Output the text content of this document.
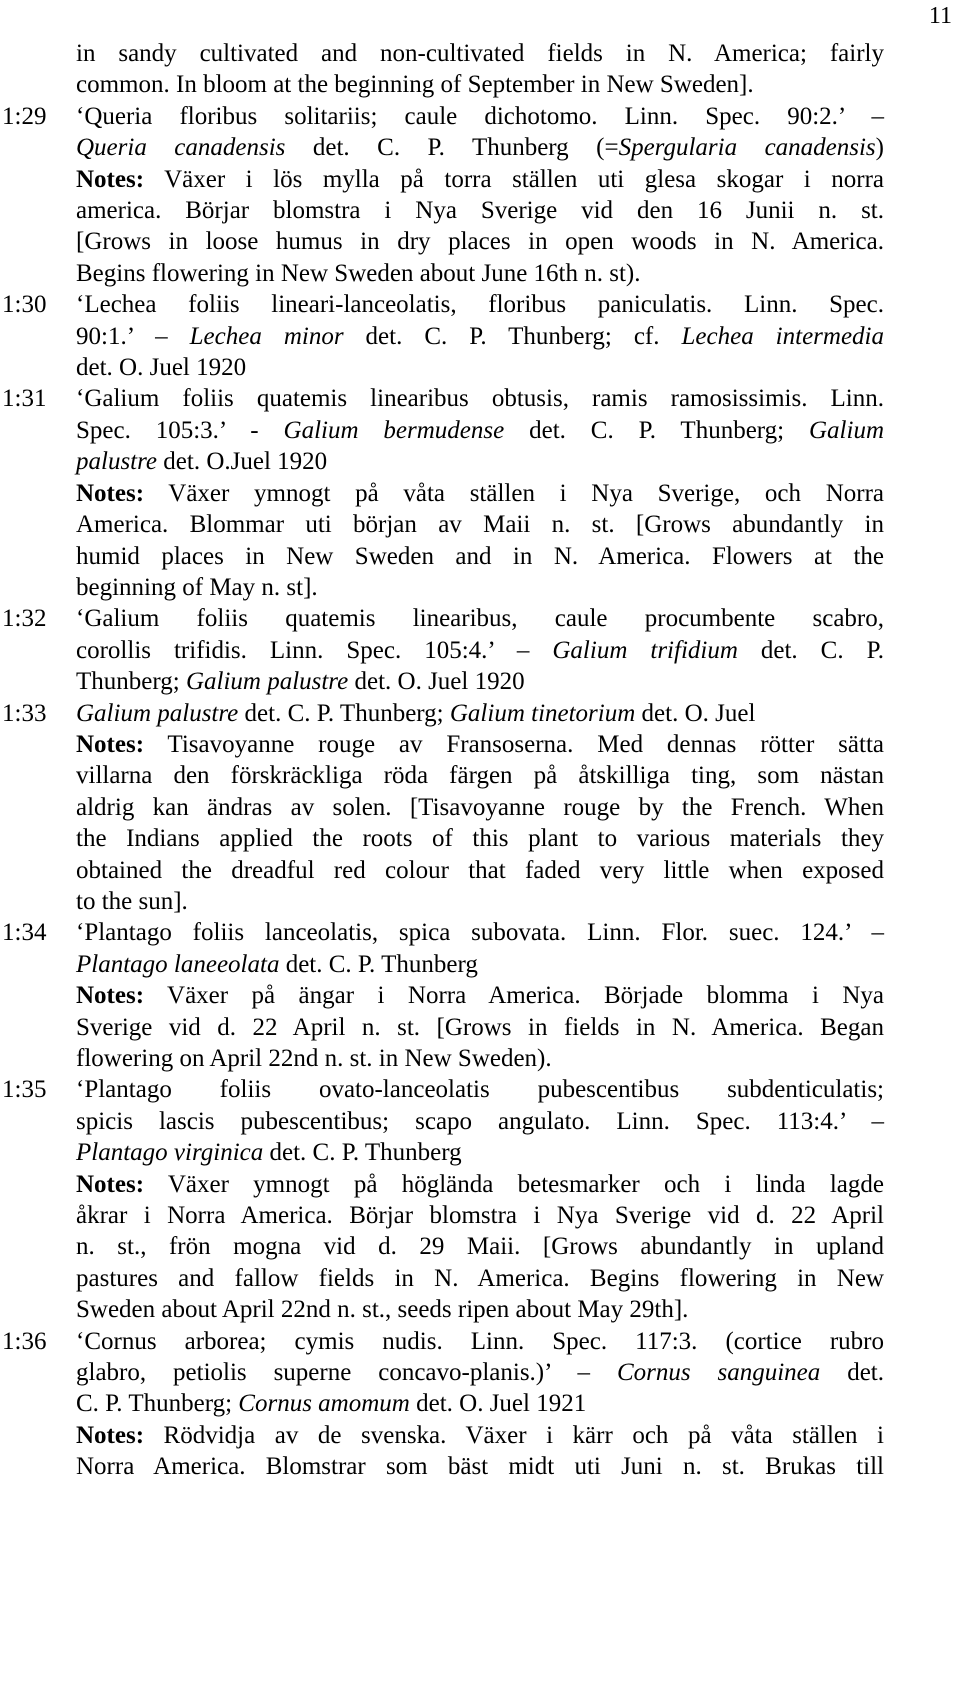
11
in sandy cultivated and non-cultivated fields in N. America; fairly
common. In bloom at the beginning of September in New Sweden].
1:29	‘Queria floribus solitariis; caule dichotomo. Linn. Spec. 90:2.’ –
Queria canadensis det. C. P. Thunberg (=Spergularia canadensis)
Notes: Växer i lös mylla på torra ställen uti glesa skogar i norra
america. Börjar blomstra i Nya Sverige vid den 16 Junii n. st.
[Grows in loose humus in dry places in open woods in N. America.
Begins flowering in New Sweden about June 16th n. st).
1:30	‘Lechea foliis lineari-lanceolatis, floribus paniculatis. Linn. Spec.
90:1.’ – Lechea minor det. C. P. Thunberg; cf. Lechea intermedia
det. O. Juel 1920
1:31	‘Galium foliis quatemis linearibus obtusis, ramis ramosissimis. Linn.
Spec. 105:3.’ - Galium bermudense det. C. P. Thunberg; Galium
palustre det. O.Juel 1920
Notes: Växer ymnogt på våta ställen i Nya Sverige, och Norra
America. Blommar uti början av Maii n. st. [Grows abundantly in
humid places in New Sweden and in N. America. Flowers at the
beginning of May n. st].
1:32	‘Galium foliis quatemis linearibus, caule procumbente scabro,
corollis trifidis. Linn. Spec. 105:4.’ – Galium trifidium det. C. P.
Thunberg; Galium palustre det. O. Juel 1920
1:33	Galium palustre det. C. P. Thunberg; Galium tinetorium det. O. Juel
Notes: Tisavoyanne rouge av Fransoserna. Med dennas rötter sätta
villarna den förskräckliga röda färgen på åtskilliga ting, som nästan
aldrig kan ändras av solen. [Tisavoyanne rouge by the French. When
the Indians applied the roots of this plant to various materials they
obtained the dreadful red colour that faded very little when exposed
to the sun].
1:34	‘Plantago foliis lanceolatis, spica subovata. Linn. Flor. suec. 124.’ –
Plantago laneeolata det. C. P. Thunberg
Notes: Växer på ängar i Norra America. Började blomma i Nya
Sverige vid d. 22 April n. st. [Grows in fields in N. America. Began
flowering on April 22nd n. st. in New Sweden).
1:35	‘Plantago foliis ovato-lanceolatis pubescentibus subdenticulatis;
spicis lascis pubescentibus; scapo angulato. Linn. Spec. 113:4.’ –
Plantago virginica det. C. P. Thunberg
Notes: Växer ymnogt på höglända betesmarker och i linda lagde
åkrar i Norra America. Börjar blomstra i Nya Sverige vid d. 22 April
n. st., frön mogna vid d. 29 Maii. [Grows abundantly in upland
pastures and fallow fields in N. America. Begins flowering in New
Sweden about April 22nd n. st., seeds ripen about May 29th].
1:36	‘Cornus arborea; cymis nudis. Linn. Spec. 117:3. (cortice rubro
glabro, petiolis superne concavo-planis.)’ – Cornus sanguinea det.
C. P. Thunberg; Cornus amomum det. O. Juel 1921
Notes: Rödvidja av de svenska. Växer i kärr och på våta ställen i
Norra America. Blomstrar som bäst midt uti Juni n. st. Brukas till
